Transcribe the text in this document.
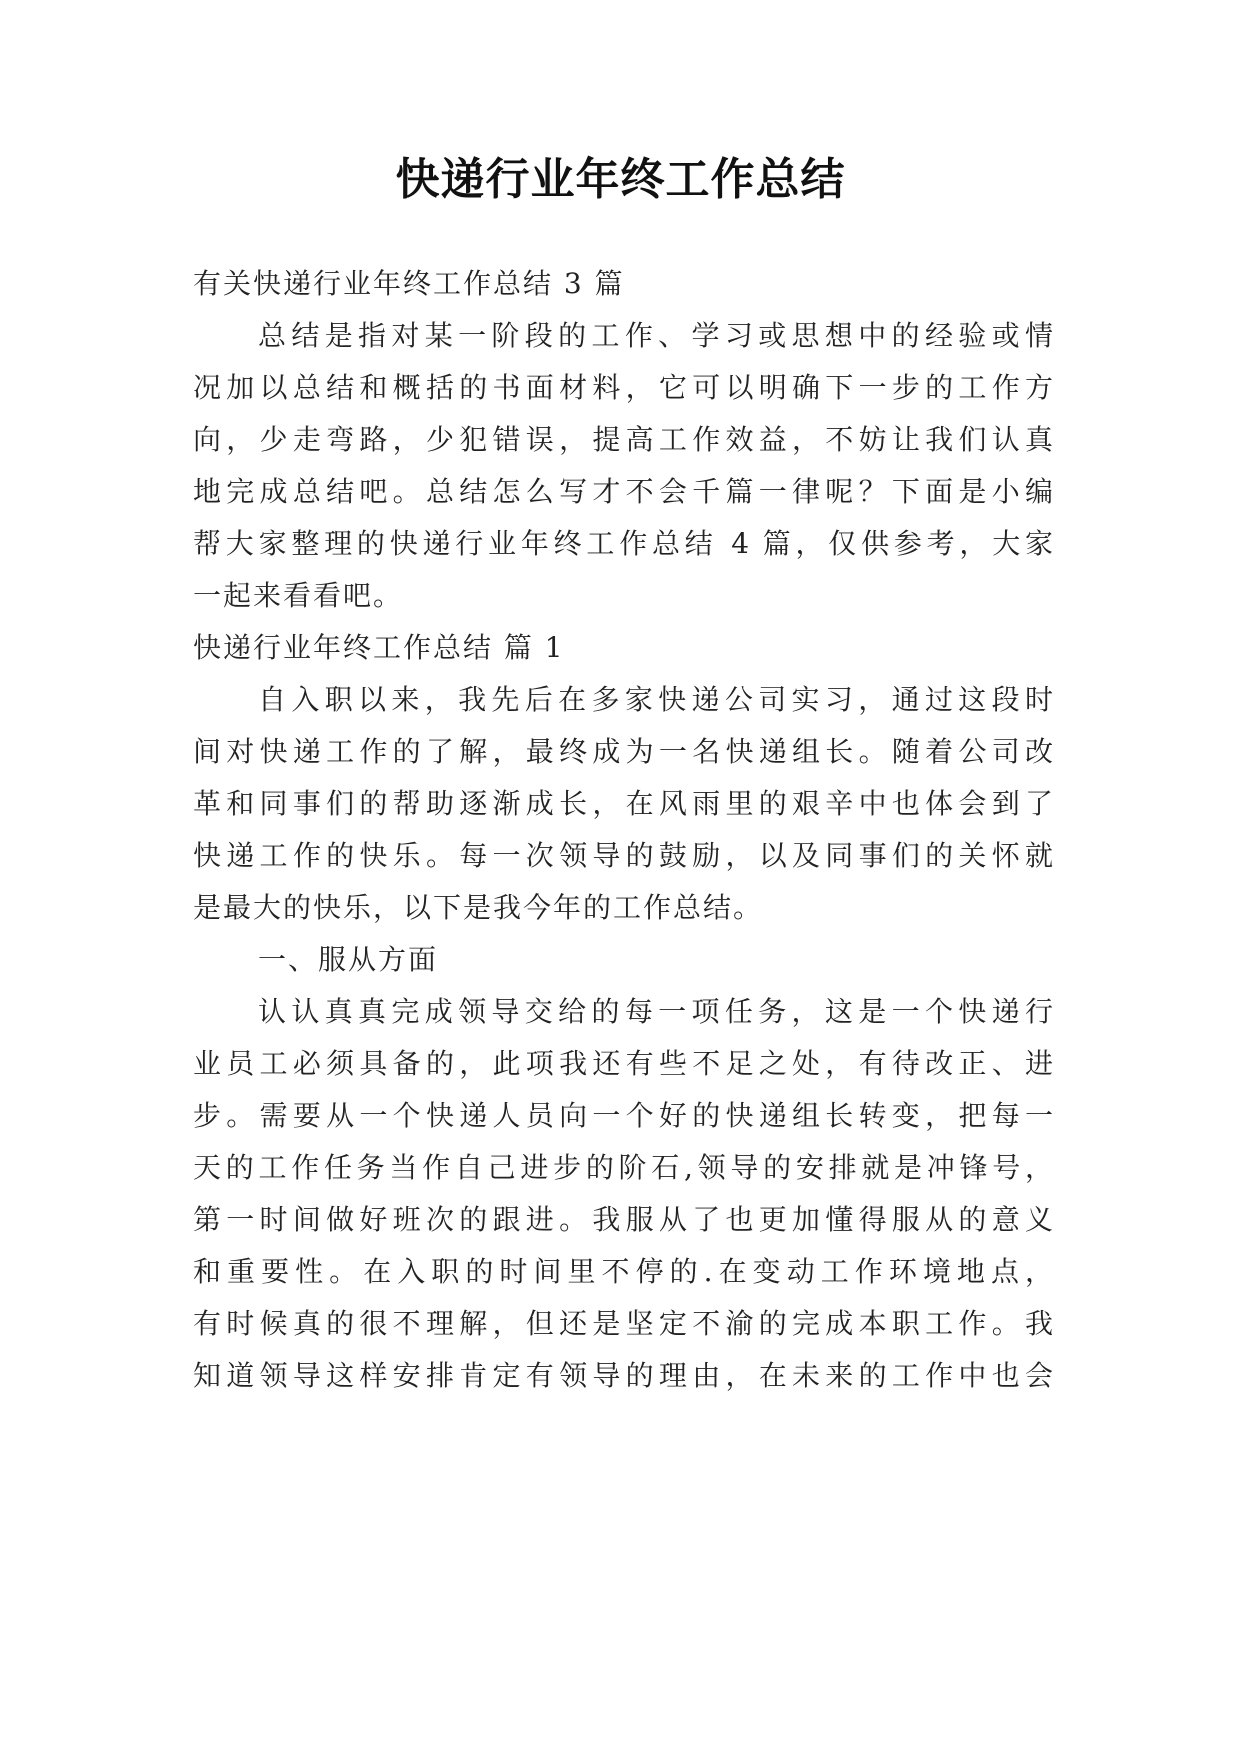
快递行业年终工作总结
有关快递行业年终工作总结 3 篇
总结是指对某一阶段的工作、学习或思想中的经验或情
况加以总结和概括的书面材料，它可以明确下一步的工作方
向，少走弯路，少犯错误，提高工作效益，不妨让我们认真
地完成总结吧。总结怎么写才不会千篇一律呢？下面是小编
帮大家整理的快递行业年终工作总结 4 篇，仅供参考，大家
一起来看看吧。
快递行业年终工作总结 篇 1
自入职以来，我先后在多家快递公司实习，通过这段时
间对快递工作的了解，最终成为一名快递组长。随着公司改
革和同事们的帮助逐渐成长，在风雨里的艰辛中也体会到了
快递工作的快乐。每一次领导的鼓励，以及同事们的关怀就
是最大的快乐，以下是我今年的工作总结。
一、服从方面
认认真真完成领导交给的每一项任务，这是一个快递行
业员工必须具备的，此项我还有些不足之处，有待改正、进
步。需要从一个快递人员向一个好的快递组长转变，把每一
天的工作任务当作自己进步的阶石,领导的安排就是冲锋号，
第一时间做好班次的跟进。我服从了也更加懂得服从的意义
和重要性。在入职的时间里不停的.在变动工作环境地点，
有时候真的很不理解，但还是坚定不渝的完成本职工作。我
知道领导这样安排肯定有领导的理由，在未来的工作中也会
